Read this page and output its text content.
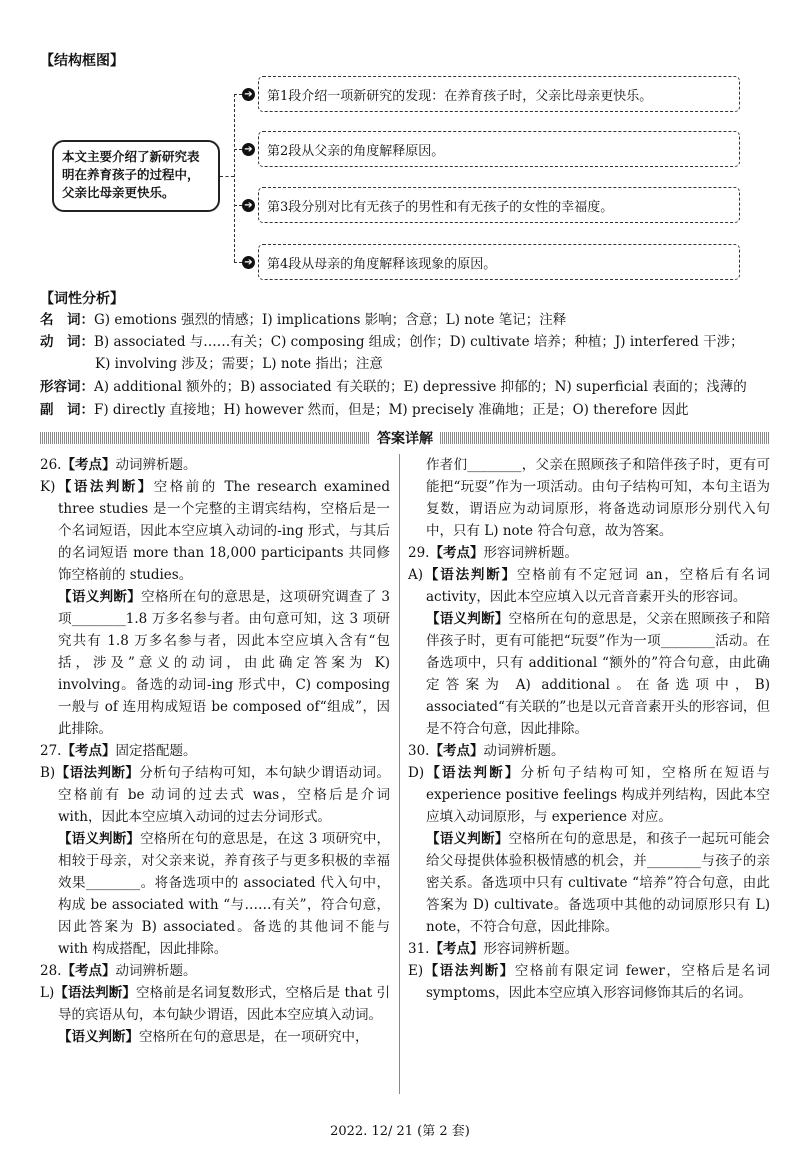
【结构框图】
本文主要介绍了新研究表明在养育孩子的过程中，父亲比母亲更快乐。
➔	第1段介绍一项新研究的发现：在养育孩子时，父亲比母亲更快乐。
➔	第2段从父亲的角度解释原因。
➔	第3段分别对比有无孩子的男性和有无孩子的女性的幸福度。
➔	第4段从母亲的角度解释该现象的原因。
【词性分析】
名　词：G) emotions 强烈的情感；I) implications 影响；含意；L) note 笔记；注释
动　词：B) associated 与……有关；C) composing 组成；创作；D) cultivate 培养；种植；J) interfered 干涉；
K) involving 涉及；需要；L) note 指出；注意
形容词：A) additional 额外的；B) associated 有关联的；E) depressive 抑郁的；N) superficial 表面的；浅薄的
副　词：F) directly 直接地；H) however 然而，但是；M) precisely 准确地；正是；O) therefore 因此
答案详解

26.【考点】动词辨析题。

K)【语法判断】空格前的 The research examined three studies 是一个完整的主谓宾结构，空格后是一个名词短语，因此本空应填入动词的-ing 形式，与其后的名词短语 more than 18,000 participants 共同修饰空格前的 studies。

【语义判断】空格所在句的意思是，这项研究调查了 3 项________1.8 万多名参与者。由句意可知，这 3 项研究共有 1.8 万多名参与者，因此本空应填入含有“包括，涉及”意义的动词，由此确定答案为 K) involving。备选的动词-ing 形式中，C) composing 一般与 of 连用构成短语 be composed of“组成”，因此排除。

27.【考点】固定搭配题。

B)【语法判断】分析句子结构可知，本句缺少谓语动词。空格前有 be 动词的过去式 was，空格后是介词 with，因此本空应填入动词的过去分词形式。

【语义判断】空格所在句的意思是，在这 3 项研究中，相较于母亲，对父亲来说，养育孩子与更多积极的幸福效果________。将备选项中的 associated 代入句中，构成 be associated with “与……有关”，符合句意，因此答案为 B) associated。备选的其他词不能与 with 构成搭配，因此排除。

28.【考点】动词辨析题。

L)【语法判断】空格前是名词复数形式，空格后是 that 引导的宾语从句，本句缺少谓语，因此本空应填入动词。

【语义判断】空格所在句的意思是，在一项研究中，

作者们________，父亲在照顾孩子和陪伴孩子时，更有可能把“玩耍”作为一项活动。由句子结构可知，本句主语为复数，谓语应为动词原形，将备选动词原形分别代入句中，只有 L) note 符合句意，故为答案。

29.【考点】形容词辨析题。

A)【语法判断】空格前有不定冠词 an，空格后有名词 activity，因此本空应填入以元音音素开头的形容词。

【语义判断】空格所在句的意思是，父亲在照顾孩子和陪伴孩子时，更有可能把“玩耍”作为一项________活动。在备选项中，只有 additional “额外的”符合句意，由此确定答案为 A) additional。在备选项中，B) associated“有关联的”也是以元音音素开头的形容词，但是不符合句意，因此排除。

30.【考点】动词辨析题。

D)【语法判断】分析句子结构可知，空格所在短语与 experience positive feelings 构成并列结构，因此本空应填入动词原形，与 experience 对应。

【语义判断】空格所在句的意思是，和孩子一起玩可能会给父母提供体验积极情感的机会，并________与孩子的亲密关系。备选项中只有 cultivate “培养”符合句意，由此答案为 D) cultivate。备选项中其他的动词原形只有 L) note，不符合句意，因此排除。

31.【考点】形容词辨析题。

E)【语法判断】空格前有限定词 fewer，空格后是名词 symptoms，因此本空应填入形容词修饰其后的名词。

2022. 12/ 21 (第 2 套)
